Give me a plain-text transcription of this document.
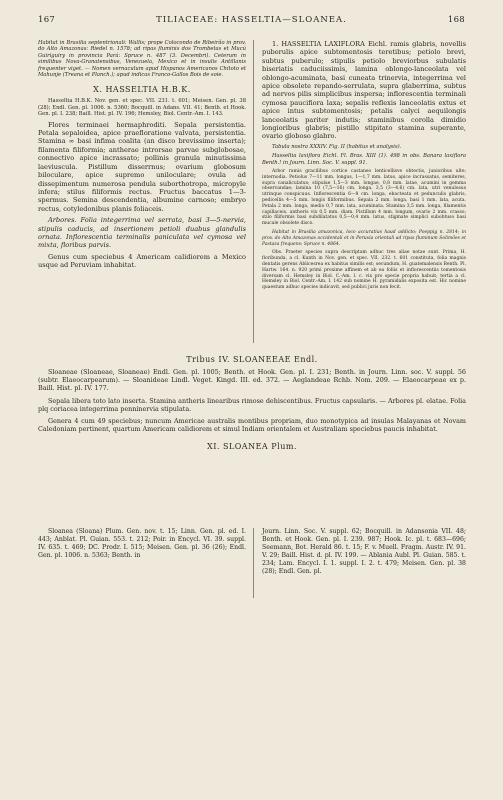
167	TILIACEAE: HASSELTIA—SLOANEA.	168

Habitat in Brasilia septentrionali: Wallis; prope Colocondo de Ribeirão in prov. do Alto Amazonas: Riedel n. 1578; ad ripas fluminis dos Trombetas et Mucú Guiriguiry in provincia Pará: Spruce n. 487 (3. Decembri). Ceterum in similibus Nova-Granatensibus, Venezuela, Mexico et in insulis Antillanis frequenter viget. — Nomen vernaculum apud Hispanos Americanos Chitoto et Mahunje (Treana et Planch.); apud indicas Franco-Gallos Bois de soie.

X. HASSELTIA H.B.K.

Hasseltia H.B.K. Nov. gen. et spec. VII. 231. t. 601; Meisen. Gen. pl. 38 (28); Endl. Gen. pl. 1006. n. 5360; Bocquill. in Adans. VII. 41; Benth. et Hook. Gen. pl. I. 238; Baill. Hist. pl. IV. 196; Hemsley, Biol. Centr.-Am. I. 143.

Flores terminaei hermaphroditi. Sepala persistentia. Petala sepaloidea, apice praefloratione valvata, persistentia. Stamina ∞ basi infima coalita (an disco brevissimo inserta); filamenta filiformia; antherae introrsae parvae subglobosae, connectivo apice incrassato; pollinis granula minutissima laeviuscula. Pistillum disserrnus; ovarium globosum biloculare, apice supremo uniloculare; ovula ad dissepimentum numerosa pendula suborthotropa, micropyle infera; stilus filiformis rectus. Fructus baccatus 1—3-spermus. Semina descendentia, albumine carnoso; embryo rectus, cotyledonibus planis foliaceis.

Arbores. Folia integerrima vel serrata, basi 3—5-nervia, stipulis caducis, ad insertionem petioli duabus glandulis ornata. Inflorescentia terminalis paniculata vel cymosa vel mixta, floribus parvis.

Genus cum speciebus 4 Americam calidiorem a Mexico usque ad Peruviam inhabitat.

1. HASSELTIA LAXIFLORA Eichl. ramis glabris, novellis puberulis apice subtomentosis teretibus; petiolo brevi, subtus puberulo; stipulis petiolo breviorbus subulatis biseriatis caduciissimis, lamina oblongo-lanceolata vel oblongo-acuminata, basi cuneata trinervia, integerrima vel apice obsolete repando-serrulata, supra glaberrima, subtus ad nervos pilis simplicibus inspersa; inflorescentia terminali cymosa paucifiora laxa; sepalis reflexis lanceolatis extus et apice intus subtomentosis; petalis calyci aequilongis lanceolatis pariter indutis; staminibus corolla dimidio longioribus glabris; pistillo stipitato stamina superante, ovario globoso glabro.

Tabula nostra XXXIV. Fig. II (habitus et analysis).

Hasseltia laxiflora Eichl. Fl. Bras. XIII (1). 498 in obs. Banara laxiflora Benth.! in Journ. Linn. Soc. V. suppl. 91.

Arbor ramis gracilibus cortice castaneo lenticellisve obtectis, junioribus ulte; internodia. Petiolus 7—11 mm. longus, 1—1,7 mm. latus, apice incrassatus, semiteres, supra canaliculatus; stipulae 1,5—3 mm. longae, 0,8 mm. latae, acumini in gemma observandae; lamina 10 (7,5—16) cm. longa, 3,5 (3—4,6) cm. lata, utri venulosus utrinque conspicuus. Inflorescentia 6—8 cm. longa, ebacteata et pedunculis glabris, pedicellis 4—5 mm. longis filiformibus. Sepala 2 mm. longa, basi 1 mm. lata, acuta. Petala 2 mm. longa, medio 0,7 mm. lata, acuminata. Stamina 3,5 mm. longa, filamentis capillaceis, antheris vix 0,5 mm. diam. Pistillum 4 mm. longum, ovario 2 mm. crasso; stilo filiformis basi subdilatatus 0,5—0,4 mm. latus, stigmate simplici subobtuso basi mucale obsolete disco.

Habitat in Brasilia amazonica, loco accuratius haud addicto: Poeppig n. 2814; in prov. do Alto Amazonas occidentali et in Peruvia orientali ad ripas fluminum Solimões et Pastaza frequens: Spruce n. 4864.

Obs. Praeter species supra descriptam adhuc tres aliae notae sunt. Prima, H. floribunda, a cl. Kunth in Nov. gen. et spec. VII. 232. t. 601 constituta, folia magnis dentatis gerens Ablicesrea ex habitus similis est; secundum, H. guatemalensis Benth. Pl. Hartw. 164. n. 920 primi proxime affinem et ab ea foliis et inflorescentiis tomentosis diversam cl. Hemsley in Biol. C.-Am. l. c. vix pro specie propria habuit; tertia a cl. Hemsley in Biol. Centr.-Am. I. 142 sub nomine H. pyramidalis exposita est. Hic nomine quaestum adhuc species indicavit, sed publici juris non fecit.

Tribus IV. SLOANEEAE Endl.

Sloaneae (Sloaneae, Sloaneae) Endl. Gen. pl. 1005; Benth. et Hook. Gen. pl. I. 231; Benth. in Journ. Linn. soc. V. suppl. 56 (subtr. Elaeocarpearum). — Sloanideae Lindl. Veget. Kingd. III. ed. 372. — Aeglandeae Rchb. Nom. 209. — Elaeocarpeae ex p. Baill. Hist. pl. IV. 177.

Sepala libera toto lato inserta. Stamina antheris linearibus rimose dehiscentibus. Fructus capsularis. — Arbores pl. elatae. Folia plq coriacea integerrima penninervia stipulata.

Genera 4 cum 49 speciebus; nuncum Americae australis montibus propriam, duo monotypica ad insulas Malayanas et Novam Caledoniam pertinent, quartum Americam calidiorem et simul Indiam orientalem et Australiam speciebus paucis inhabitat.

XI. SLOANEA Plum.

Sloanea (Sloana) Plum. Gen. nov. t. 15; Linn. Gen. pl. ed. I. 443; Anblat. Pl. Guian. 553. t. 212; Poir. in Encycl. VI. 39. suppl. IV. 635. t. 469; DC. Prodr. I. 515; Meisen. Gen. pl. 36 (26); Endl. Gen. pl. 1006. n. 5363; Benth. in

Journ. Linn. Soc. V. suppl. 62; Bocquill. in Adansonia VII. 48; Benth. et Hook. Gen. pl. I. 239. 987; Hook. Ic. pl. t. 683—696; Seemann, Bot. Herald 86. t. 15; F. v. Muell. Fragm. Austr. IV. 91. V. 29; Baill. Hist. d. pl. IV. 199. — Ablania Aubl. Pl. Guian. 585. t. 234; Lam. Encycl. I. 1. suppl. I. 2. t. 479; Meisen. Gen. pl. 38 (28); Endl. Gen. pl.
